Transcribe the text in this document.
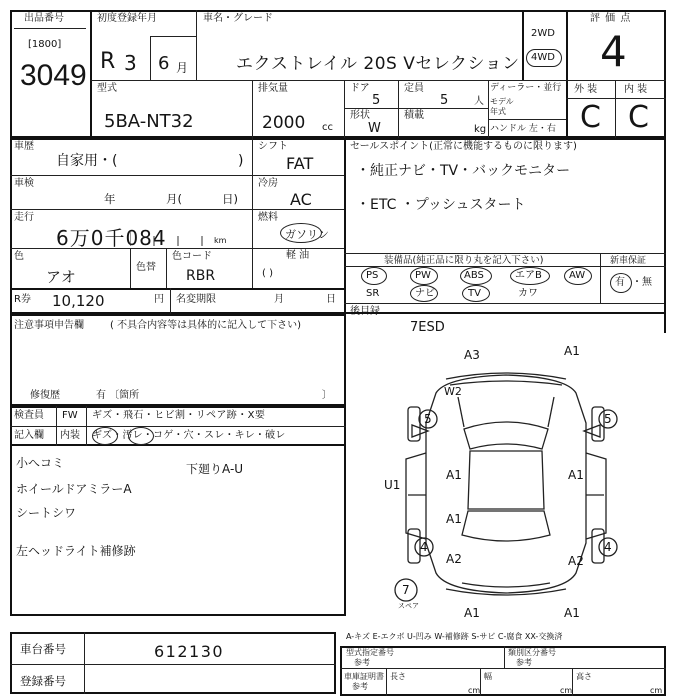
出品番号
[1800]
3049
初度登録年月
R 3 6 月
車名・グレード
エクストレイル 20S Vセレクション
2WD
4WD
評 価 点
4
型式
5BA-NT32
排気量
2000 cc
ドア
5
定員
5	人
形状
W
積載
kg
ディーラー・並行
モデル
年式
ハンドル 左・右
外 装	内 装
C C
車歴
自家用・(	)
シフト
FAT
車検
年	月(	日)
冷房
AC
走行
6万0千084	km
燃料
ガソリン
軽 油
( )
色
アオ
色替
色コード
RBR
R券 10,120	円 名変期限	月	日
セールスポイント(正常に機能するものに限ります)
・純正ナビ・TV・バックモニター
・ETC ・プッシュスタート
装備品(純正品に限り丸を記入下さい)	新車保証
PS	PW	ABS	エアB	AW
SR	ナビ	TV	カワ
有 ・無
後目録
7ESD
注意事項申告欄	( 不具合内容等は具体的に記入して下さい)
修復歴	有 〔箇所	〕
検査員
記入欄
FW ギズ・飛石・ヒビ割・リペア跡・X要
内装 ギズ・汚レ・コゲ・穴・スレ・キレ・破レ
小へコミ
ホイールドアミラーA
シートシワ
左ヘッドライト補修跡
下廻りA-U
A3	A1
W2
5	5
U1
A1	A1
A1
4	4
A2	A2
7
スペア	A1	A1
A-キズ E-エクボ U-凹み W-補修跡 S-サビ C-腐食 XX-交換済
車台番号	612130
登録番号
型式指定番号
参考
類別区分番号
参考
車庫証明書
参考
長さ
cm
幅
cm
高さ
cm
